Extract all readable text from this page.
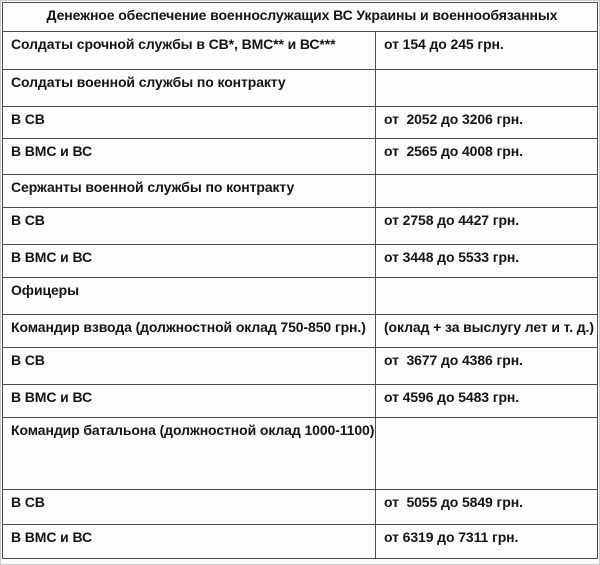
Денежное обеспечение военнослужащих ВС Украины и военнообязанных	
Солдаты срочной службы в СВ*, ВМС** и ВС***	от 154 до 245 грн.
Солдаты военной службы по контракту	
В СВ	от  2052 до 3206 грн.
В ВМС и ВС	от  2565 до 4008 грн.
Сержанты военной службы по контракту	
В СВ	от 2758 до 4427 грн.
В ВМС и ВС	от 3448 до 5533 грн.
Офицеры	
Командир взвода (должностной оклад 750-850 грн.)	(оклад + за выслугу лет и т. д.)
В СВ	от  3677 до 4386 грн.
В ВМС и ВС	от 4596 до 5483 грн.
Командир батальона (должностной оклад 1000-1100)	
В СВ	от  5055 до 5849 грн.
В ВМС и ВС	от 6319 до 7311 грн.
